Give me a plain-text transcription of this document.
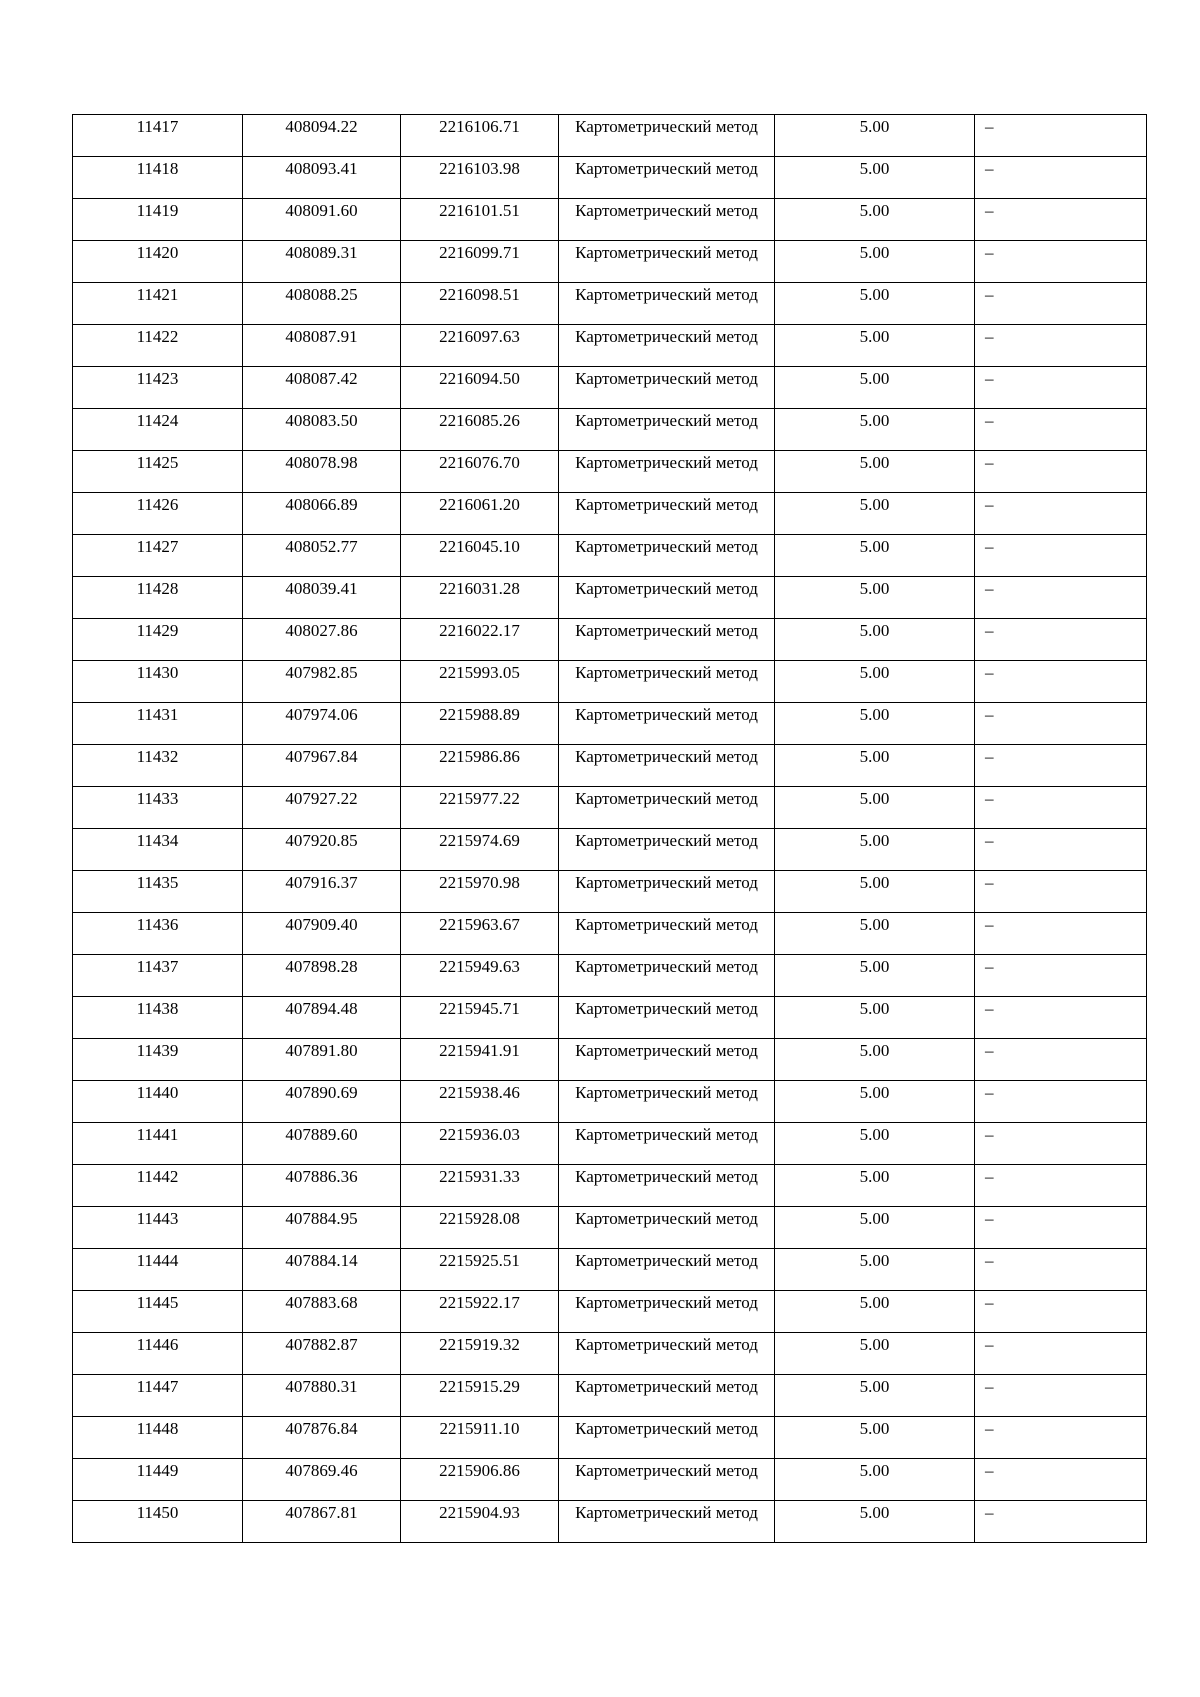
11417	408094.22	2216106.71	Картометрический метод	5.00	–

11418	408093.41	2216103.98	Картометрический метод	5.00	–

11419	408091.60	2216101.51	Картометрический метод	5.00	–

11420	408089.31	2216099.71	Картометрический метод	5.00	–

11421	408088.25	2216098.51	Картометрический метод	5.00	–

11422	408087.91	2216097.63	Картометрический метод	5.00	–

11423	408087.42	2216094.50	Картометрический метод	5.00	–

11424	408083.50	2216085.26	Картометрический метод	5.00	–

11425	408078.98	2216076.70	Картометрический метод	5.00	–

11426	408066.89	2216061.20	Картометрический метод	5.00	–

11427	408052.77	2216045.10	Картометрический метод	5.00	–

11428	408039.41	2216031.28	Картометрический метод	5.00	–

11429	408027.86	2216022.17	Картометрический метод	5.00	–

11430	407982.85	2215993.05	Картометрический метод	5.00	–

11431	407974.06	2215988.89	Картометрический метод	5.00	–

11432	407967.84	2215986.86	Картометрический метод	5.00	–

11433	407927.22	2215977.22	Картометрический метод	5.00	–

11434	407920.85	2215974.69	Картометрический метод	5.00	–

11435	407916.37	2215970.98	Картометрический метод	5.00	–

11436	407909.40	2215963.67	Картометрический метод	5.00	–

11437	407898.28	2215949.63	Картометрический метод	5.00	–

11438	407894.48	2215945.71	Картометрический метод	5.00	–

11439	407891.80	2215941.91	Картометрический метод	5.00	–

11440	407890.69	2215938.46	Картометрический метод	5.00	–

11441	407889.60	2215936.03	Картометрический метод	5.00	–

11442	407886.36	2215931.33	Картометрический метод	5.00	–

11443	407884.95	2215928.08	Картометрический метод	5.00	–

11444	407884.14	2215925.51	Картометрический метод	5.00	–

11445	407883.68	2215922.17	Картометрический метод	5.00	–

11446	407882.87	2215919.32	Картометрический метод	5.00	–

11447	407880.31	2215915.29	Картометрический метод	5.00	–

11448	407876.84	2215911.10	Картометрический метод	5.00	–

11449	407869.46	2215906.86	Картометрический метод	5.00	–

11450	407867.81	2215904.93	Картометрический метод	5.00	–
